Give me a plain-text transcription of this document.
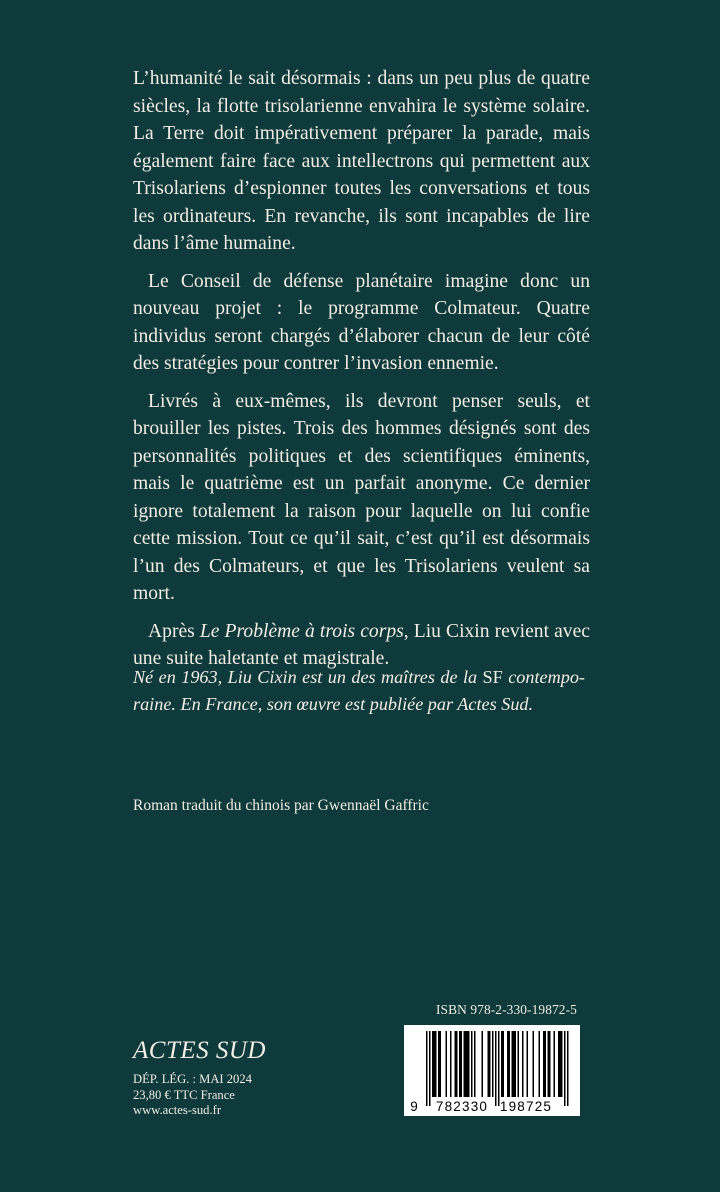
L’humanité le sait désormais : dans un peu plus de quatre siècles, la flotte trisolarienne envahira le système solaire. La Terre doit impérativement préparer la parade, mais également faire face aux intellectrons qui permettent aux Trisolariens d’espionner toutes les conversations et tous les ordinateurs. En revanche, ils sont incapables de lire dans l’âme humaine.

Le Conseil de défense planétaire imagine donc un nouveau projet : le programme Colmateur. Quatre individus seront chargés d’élaborer chacun de leur côté des stratégies pour contrer l’invasion ennemie.

Livrés à eux-mêmes, ils devront penser seuls, et brouiller les pistes. Trois des hommes désignés sont des personnalités politiques et des scientifiques éminents, mais le quatrième est un parfait anonyme. Ce dernier ignore totalement la raison pour laquelle on lui confie cette mission. Tout ce qu’il sait, c’est qu’il est désormais l’un des Colmateurs, et que les Trisolariens veulent sa mort.

Après Le Problème à trois corps, Liu Cixin revient avec une suite haletante et magistrale.

Né en 1963, Liu Cixin est un des maîtres de la SF contemporaine. En France, son œuvre est publiée par Actes Sud.
Roman traduit du chinois par Gwennaël Gaffric
ISBN 978-2-330-19872-5
9 782330 198725
ACTES SUD
DÉP. LÉG. : MAI 2024
23,80 € TTC France
www.actes-sud.fr
